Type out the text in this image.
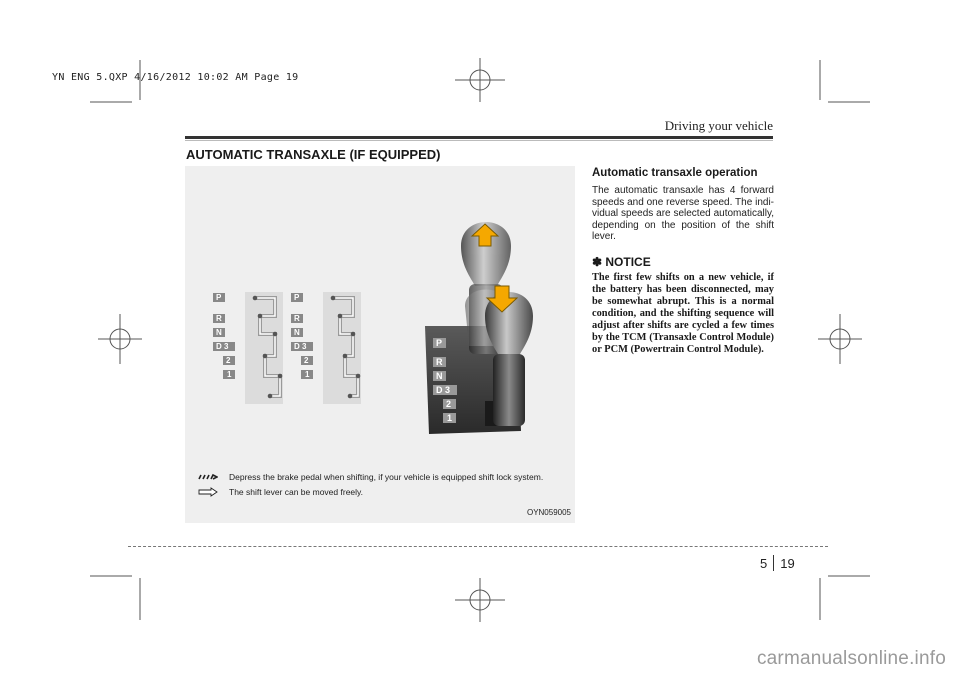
YN ENG 5.QXP 4/16/2012 10:02 AM Page 19
Driving your vehicle
AUTOMATIC TRANSAXLE (IF EQUIPPED)
P
R
N
D 3
2
1
P
R
N
D 3
2
1
P
R
N
D 3
2
1
Depress the brake pedal when shifting, if your vehicle is equipped shift lock system.
The shift lever can be moved freely.
OYN059005

Automatic transaxle operation

The automatic transaxle has 4 forward speeds and one reverse speed. The indi-vidual speeds are selected automatically, depending on the position of the shift lever.

✽ NOTICE

The first few shifts on a new vehicle, if the battery has been disconnected, may be somewhat abrupt. This is a normal condition, and the shifting sequence will adjust after shifts are cycled a few times by the TCM (Transaxle Control Module) or PCM (Powertrain Control Module).

5 19
carmanualsonline.info
